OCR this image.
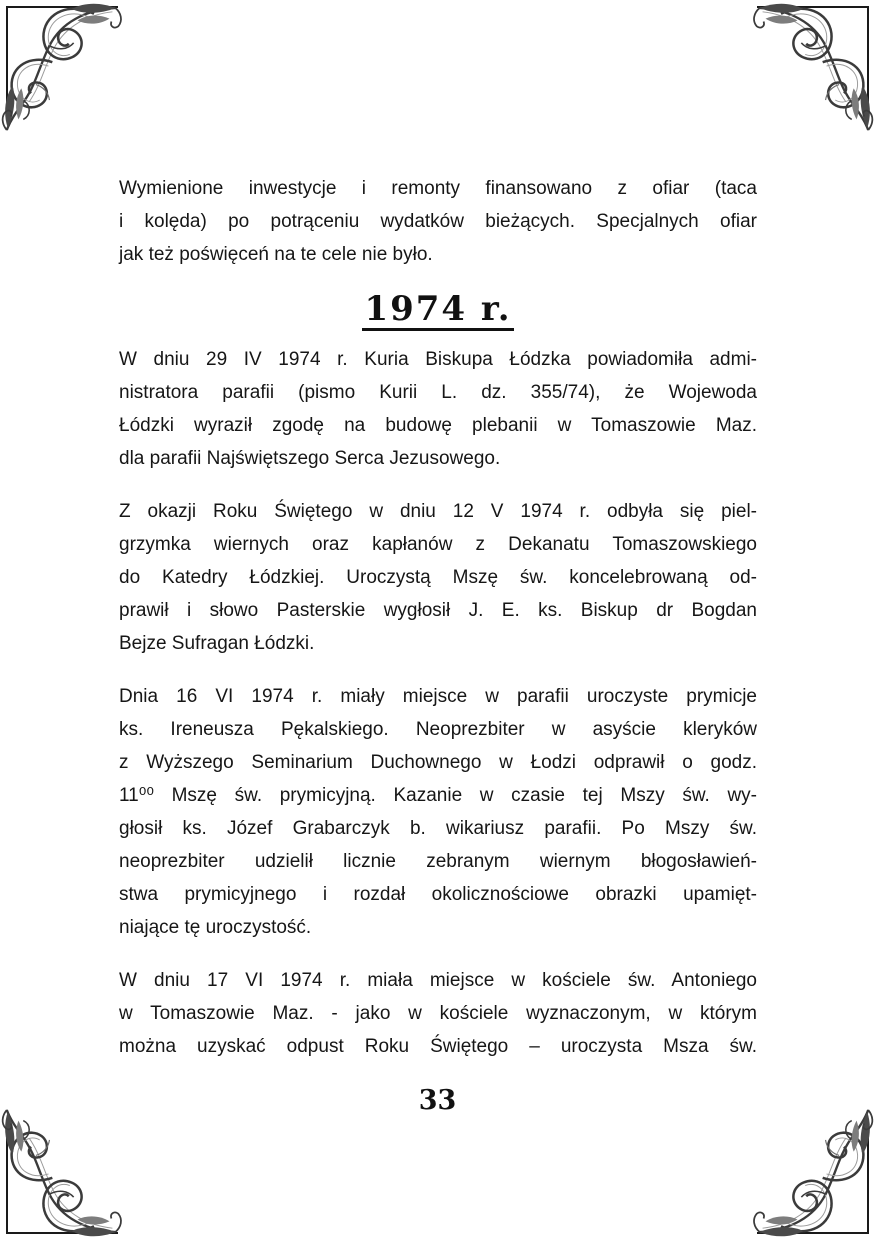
Wymienione inwestycje i remonty finansowano z ofiar (taca
i kolęda) po potrąceniu wydatków bieżących. Specjalnych ofiar
jak też poświęceń na te cele nie było.
1974 r.
W dniu 29 IV 1974 r. Kuria Biskupa Łódzka powiadomiła admi-
nistratora parafii (pismo Kurii L. dz. 355/74), że Wojewoda
Łódzki wyraził zgodę na budowę plebanii w Tomaszowie Maz.
dla parafii Najświętszego Serca Jezusowego.
Z okazji Roku Świętego w dniu 12 V 1974 r. odbyła się piel-
grzymka wiernych oraz kapłanów z Dekanatu Tomaszowskiego
do Katedry Łódzkiej. Uroczystą Mszę św. koncelebrowaną od-
prawił i słowo Pasterskie wygłosił J. E. ks. Biskup dr Bogdan
Bejze Sufragan Łódzki.
Dnia 16 VI 1974 r. miały miejsce w parafii uroczyste prymicje
ks. Ireneusza Pękalskiego. Neoprezbiter w asyście kleryków
z Wyższego Seminarium Duchownego w Łodzi odprawił o godz.
11⁰⁰ Mszę św. prymicyjną. Kazanie w czasie tej Mszy św. wy-
głosił ks. Józef Grabarczyk b. wikariusz parafii. Po Mszy św.
neoprezbiter udzielił licznie zebranym wiernym błogosławień-
stwa prymicyjnego i rozdał okolicznościowe obrazki upamięt-
niające tę uroczystość.
W dniu 17 VI 1974 r. miała miejsce w kościele św. Antoniego
w Tomaszowie Maz. - jako w kościele wyznaczonym, w którym
można uzyskać odpust Roku Świętego – uroczysta Msza św.
33
